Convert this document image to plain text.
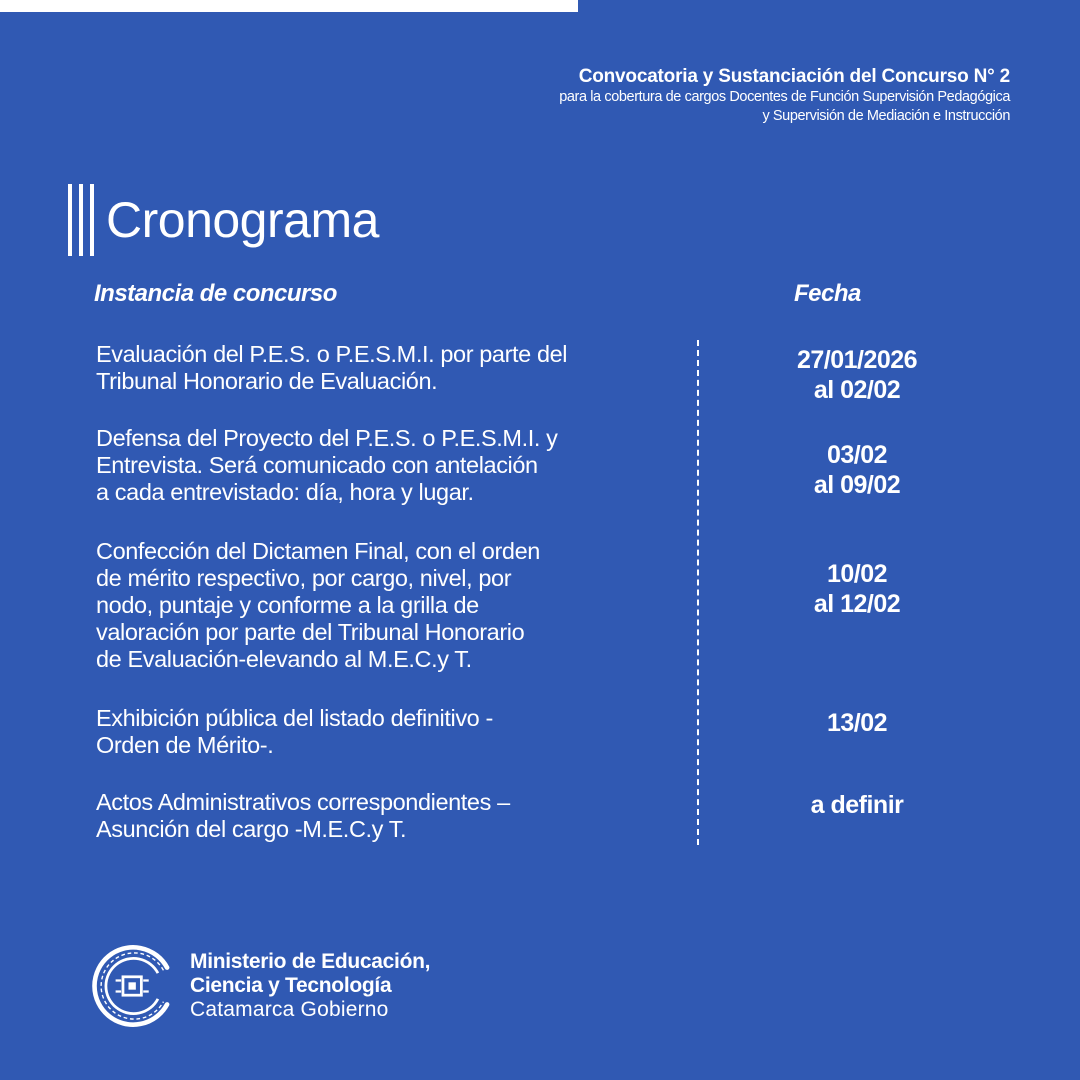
Convocatoria y Sustanciación del Concurso N° 2
para la cobertura de cargos Docentes de Función Supervisión Pedagógica
y Supervisión de Mediación e Instrucción
Cronograma
Instancia de concurso	Fecha
Evaluación del P.E.S. o P.E.S.M.I. por parte del
Tribunal Honorario de Evaluación.
27/01/2026
al 02/02
Defensa del Proyecto del P.E.S. o P.E.S.M.I. y
Entrevista. Será comunicado con antelación
a cada entrevistado: día, hora y lugar.
03/02
al 09/02
Confección del Dictamen Final, con el orden
de mérito respectivo, por cargo, nivel, por
nodo, puntaje y conforme a la grilla de
valoración por parte del Tribunal Honorario
de Evaluación-elevando al M.E.C.y T.
10/02
al 12/02
Exhibición pública del listado definitivo -
Orden de Mérito-.
13/02
Actos Administrativos correspondientes –
Asunción del cargo -M.E.C.y T.
a definir
Ministerio de Educación,
Ciencia y Tecnología
Catamarca Gobierno
